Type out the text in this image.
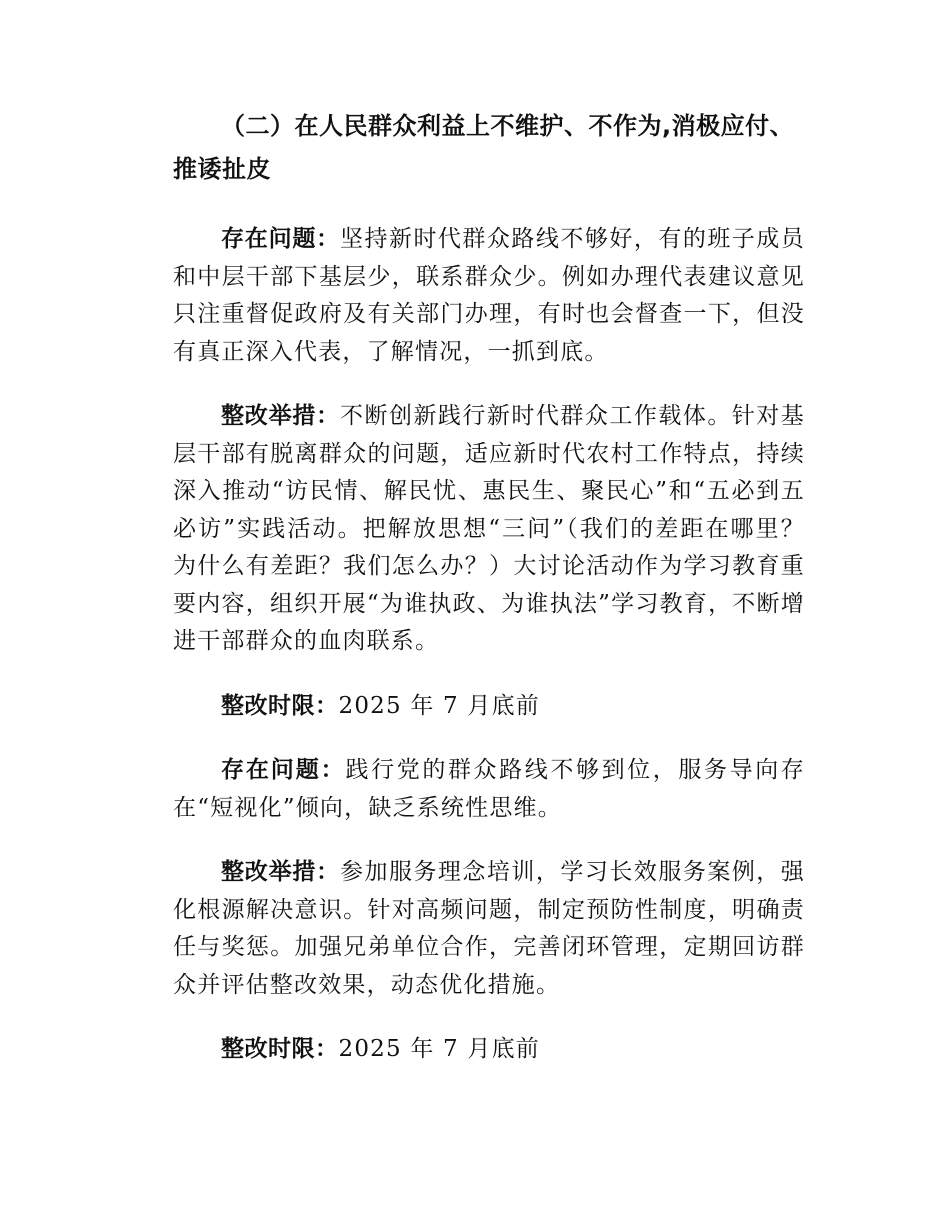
（二）在人民群众利益上不维护、不作为,消极应付、推诿扯皮

存在问题：坚持新时代群众路线不够好，有的班子成员和中层干部下基层少，联系群众少。例如办理代表建议意见只注重督促政府及有关部门办理，有时也会督查一下，但没有真正深入代表，了解情况，一抓到底。

整改举措：不断创新践行新时代群众工作载体。针对基层干部有脱离群众的问题，适应新时代农村工作特点，持续深入推动“访民情、解民忧、惠民生、聚民心”和“五必到五必访”实践活动。把解放思想“三问”（我们的差距在哪里？为什么有差距？我们怎么办？）大讨论活动作为学习教育重要内容，组织开展“为谁执政、为谁执法”学习教育，不断增进干部群众的血肉联系。

整改时限：2025 年 7 月底前

存在问题：践行党的群众路线不够到位，服务导向存在“短视化”倾向，缺乏系统性思维。

整改举措：参加服务理念培训，学习长效服务案例，强化根源解决意识。针对高频问题，制定预防性制度，明确责任与奖惩。加强兄弟单位合作，完善闭环管理，定期回访群众并评估整改效果，动态优化措施。

整改时限：2025 年 7 月底前
